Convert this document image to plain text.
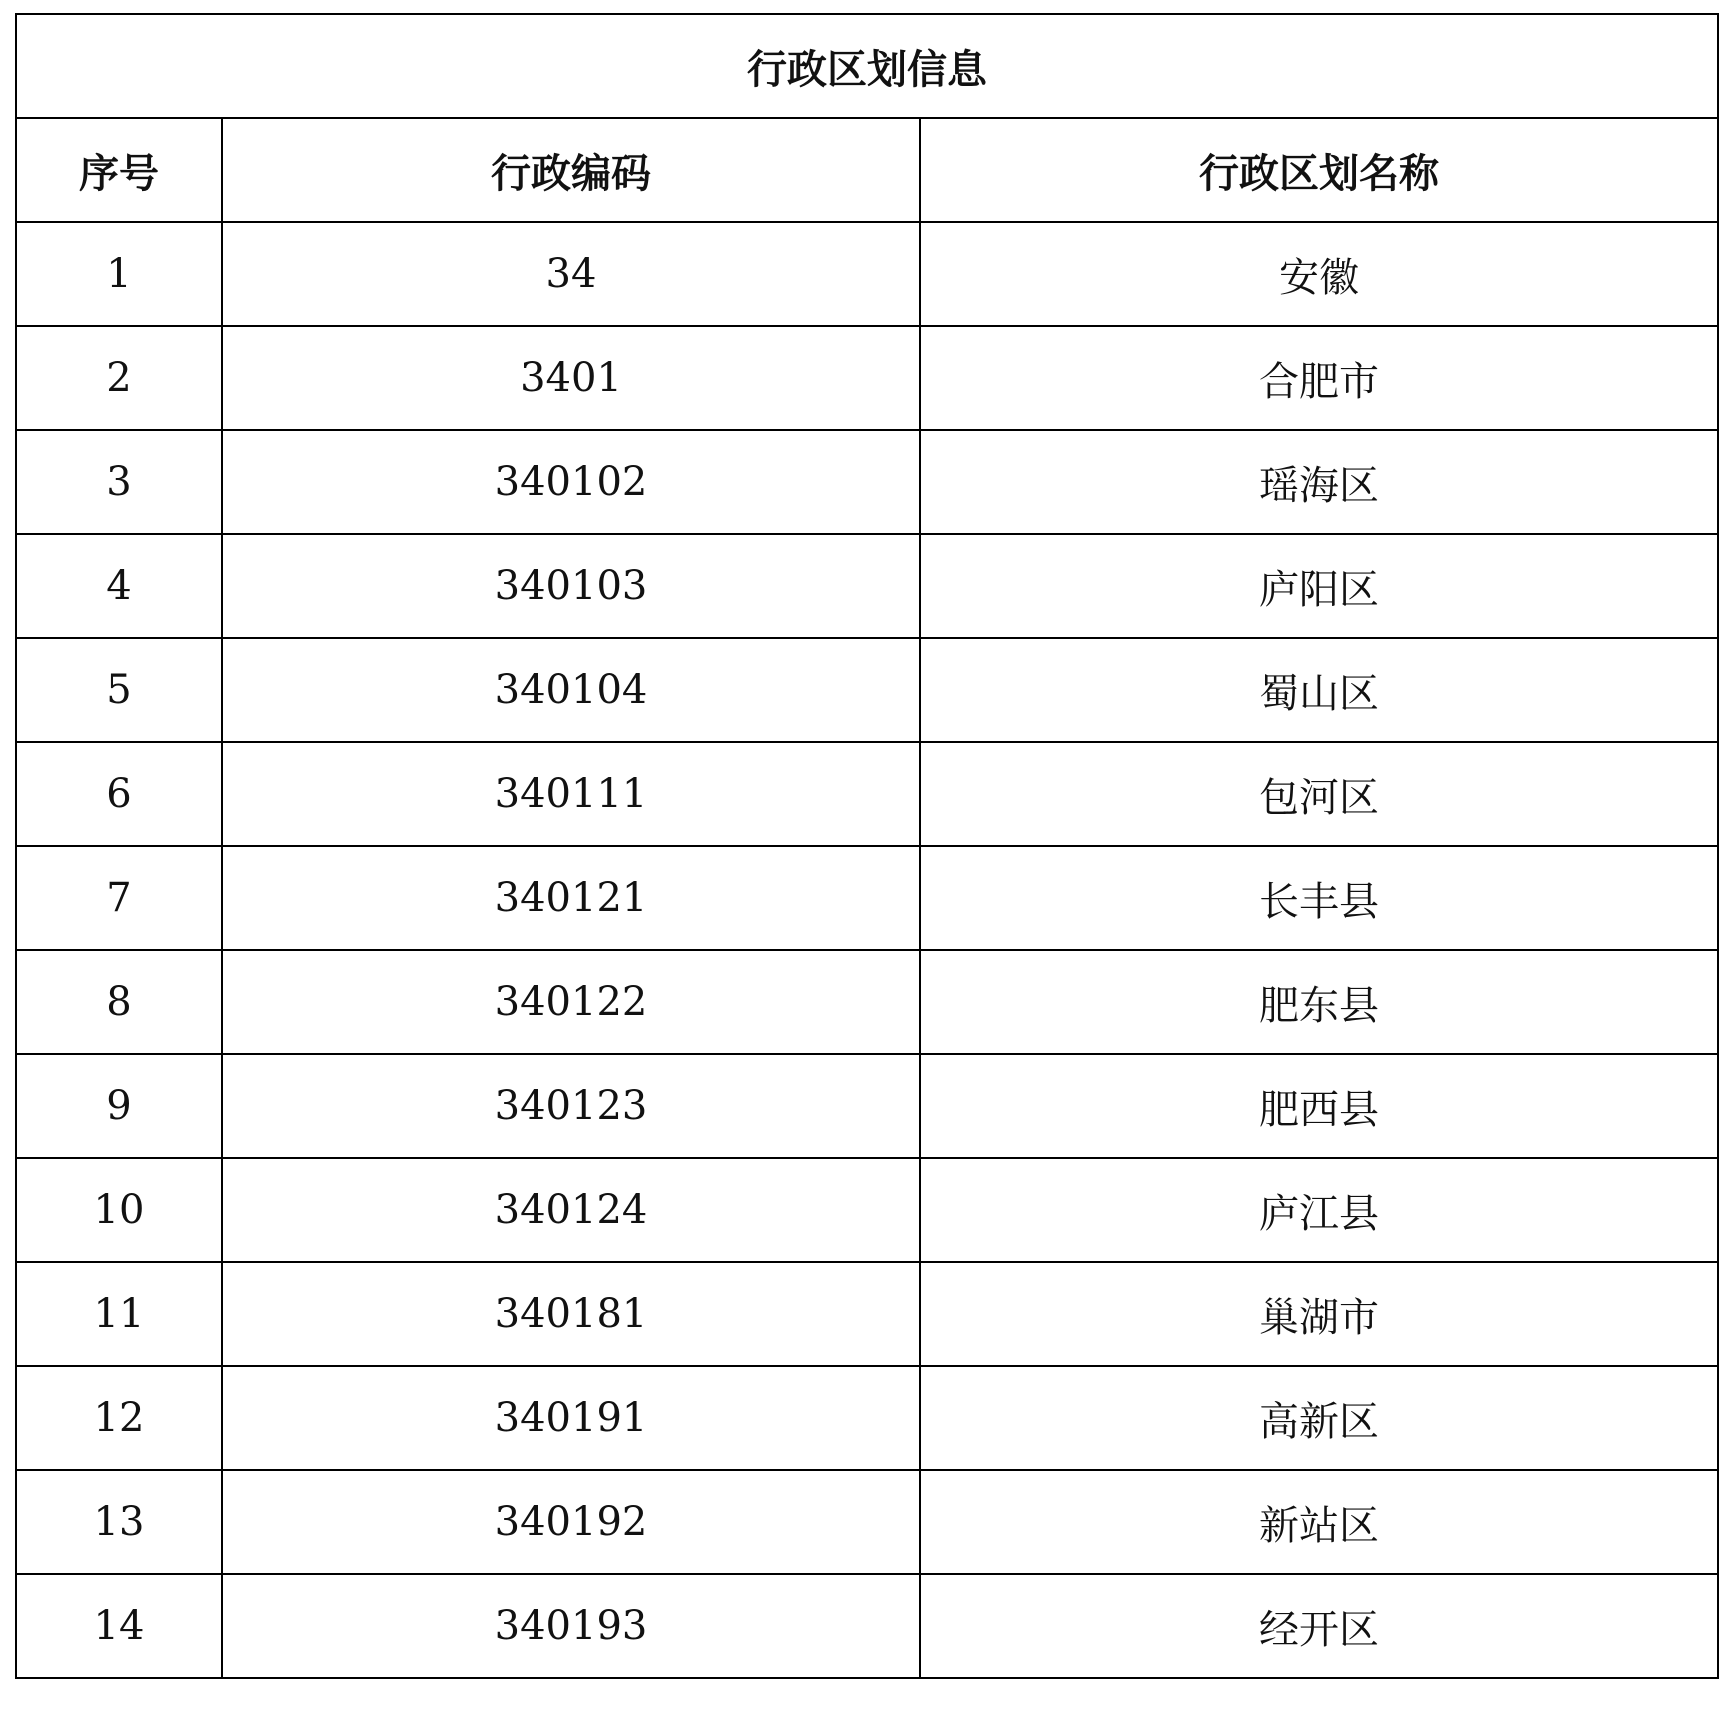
行政区划信息		
序号	行政编码	行政区划名称
1	34	安徽
2	3401	合肥市
3	340102	瑶海区
4	340103	庐阳区
5	340104	蜀山区
6	340111	包河区
7	340121	长丰县
8	340122	肥东县
9	340123	肥西县
10	340124	庐江县
11	340181	巢湖市
12	340191	高新区
13	340192	新站区
14	340193	经开区
